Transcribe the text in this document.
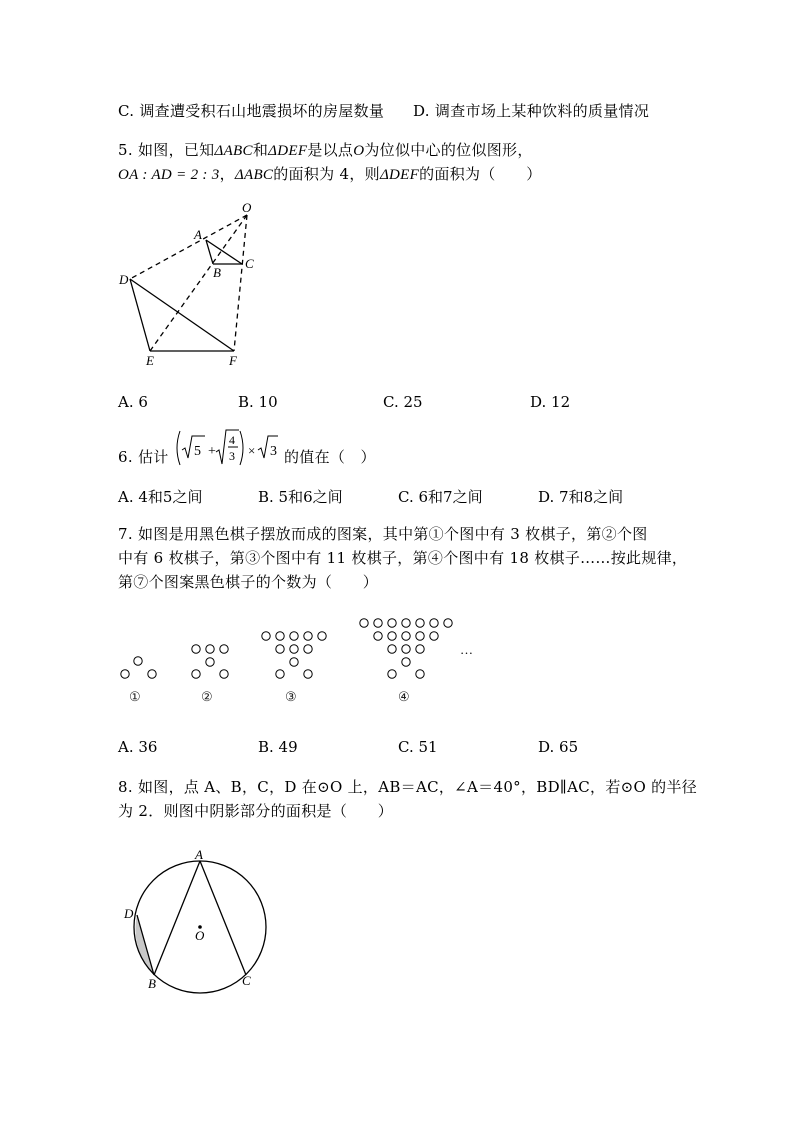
C. 调查遭受积石山地震损坏的房屋数量 D. 调查市场上某种饮料的质量情况
5. 如图，已知ΔABC和ΔDEF是以点O为位似中心的位似图形，
OA : AD = 2 : 3，ΔABC的面积为 4，则ΔDEF的面积为（　　）
O
A
B
C
D
E	F
A. 6	B. 10	C. 25	D. 12
6. 估计 5 +
4
3 × 3 的值在（　）
A. 4和5之间	B. 5和6之间	C. 6和7之间	D. 7和8之间
7. 如图是用黑色棋子摆放而成的图案，其中第①个图中有 3 枚棋子，第②个图
中有 6 枚棋子，第③个图中有 11 枚棋子，第④个图中有 18 枚棋子……按此规律，
第⑦个图案黑色棋子的个数为（　　）
…
①	②	③	④
A. 36	B. 49	C. 51	D. 65
8. 如图，点 A、B，C，D 在⊙O 上，AB＝AC，∠A＝40°，BD∥AC，若⊙O 的半径
为 2．则图中阴影部分的面积是（　　）
A
B	C
D
O
